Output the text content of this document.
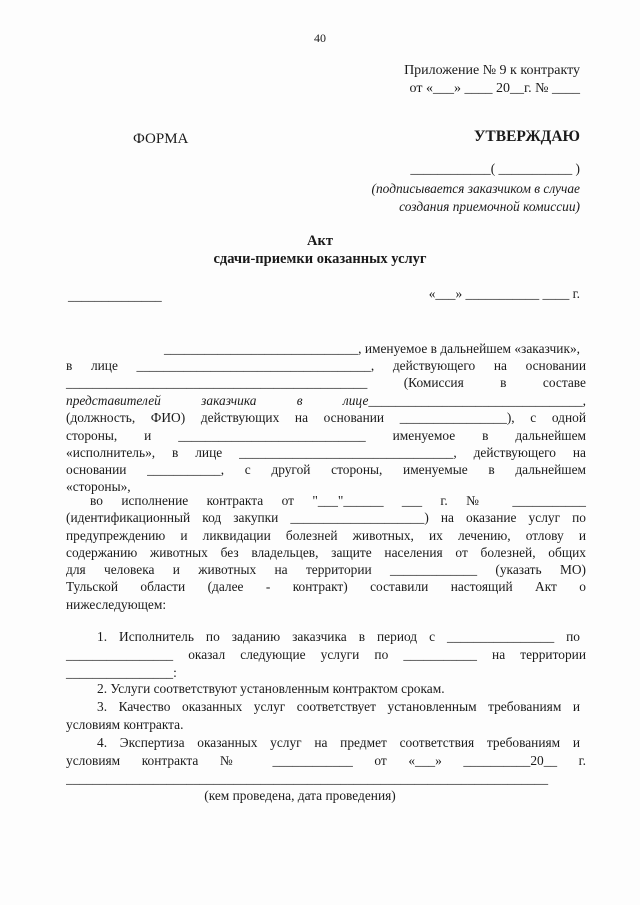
40
Приложение № 9 к контракту
от «___» ____ 20__г. № ____
ФОРМА	УТВЕРЖДАЮ
____________( ___________ )
(подписывается заказчиком в случае
создания приемочной комиссии)
Акт
сдачи-приемки оказанных услуг
______________	«___» ___________ ____ г.
_____________________________, именуемое в дальнейшем «заказчик»,
в лице ___________________________________, действующего на основании
_____________________________________________ (Комиссия в составе
представителей заказчика в лице________________________________,
(должность, ФИО) действующих на основании ________________), с одной
стороны, и ____________________________ именуемое в дальнейшем
«исполнитель», в лице ________________________________, действующего на
основании ___________, с другой стороны, именуемые в дальнейшем
«стороны»,
во исполнение контракта от "___"______ ___ г. № ___________
(идентификационный код закупки ____________________) на оказание услуг по
предупреждению и ликвидации болезней животных, их лечению, отлову и
содержанию животных без владельцев, защите населения от болезней, общих
для человека и животных на территории _____________ (указать МО)
Тульской области (далее - контракт) составили настоящий Акт о
нижеследующем:
1. Исполнитель по заданию заказчика в период с ________________ по
________________ оказал следующие услуги по ___________ на территории
________________:
2. Услуги соответствуют установленным контрактом срокам.
3. Качество оказанных услуг соответствует установленным требованиям и
условиям контракта.
4. Экспертиза оказанных услуг на предмет соответствия требованиям и
условиям контракта № ____________ от «___» __________20__ г.
________________________________________________________________________
(кем проведена, дата проведения)
